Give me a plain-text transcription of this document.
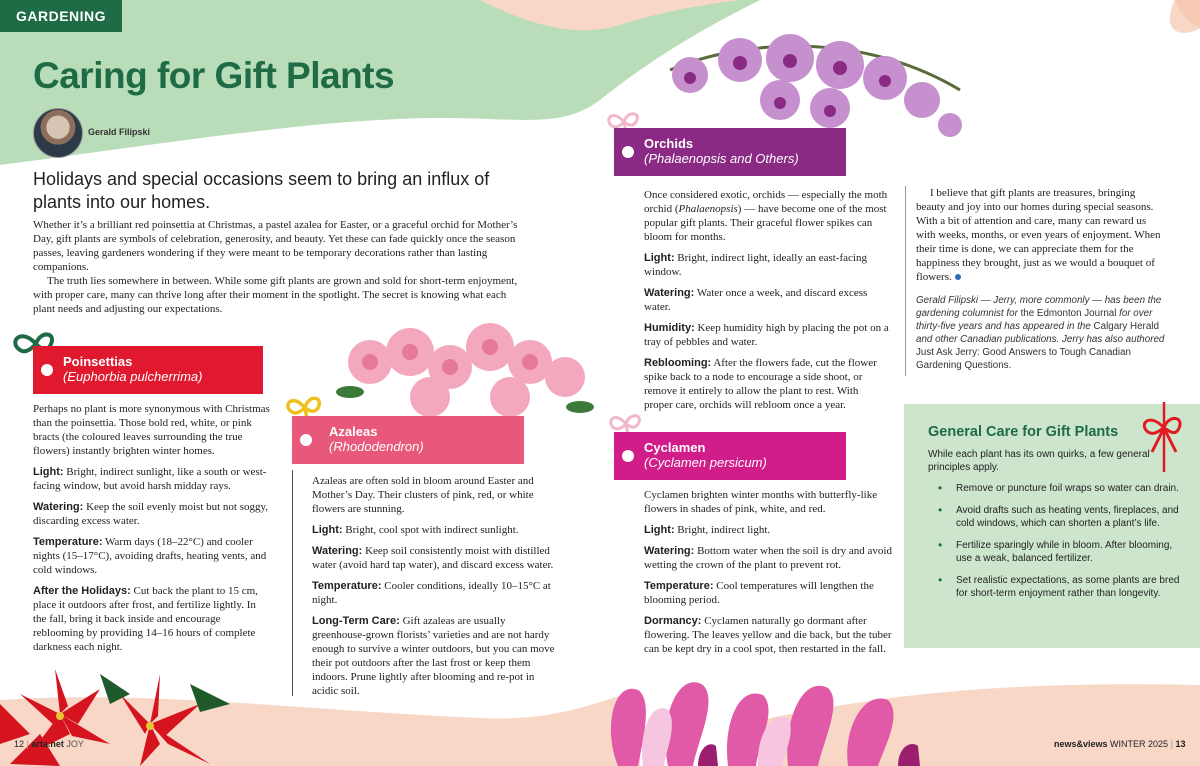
GARDENING
Caring for Gift Plants
Gerald Filipski
Holidays and special occasions seem to bring an influx of plants into our homes.

Whether it’s a brilliant red poinsettia at Christmas, a pastel azalea for Easter, or a graceful orchid for Mother’s Day, gift plants are symbols of celebration, generosity, and beauty. Yet these can fade quickly once the season passes, leaving gardeners wondering if they were meant to be temporary decorations rather than lasting companions.

The truth lies somewhere in between. While some gift plants are grown and sold for short-term enjoyment, with proper care, many can thrive long after their moment in the spotlight. The secret is knowing what each plant needs and adjusting our expectations.

Poinsettias
(Euphorbia pulcherrima)

Perhaps no plant is more synonymous with Christmas than the poinsettia. Those bold red, white, or pink bracts (the coloured leaves surrounding the true flowers) instantly brighten winter homes.

Light: Bright, indirect sunlight, like a south or west-facing window, but avoid harsh midday rays.

Watering: Keep the soil evenly moist but not soggy, discarding excess water.

Temperature: Warm days (18–22°C) and cooler nights (15–17°C), avoiding drafts, heating vents, and cold windows.

After the Holidays: Cut back the plant to 15 cm, place it outdoors after frost, and fertilize lightly. In the fall, bring it back inside and encourage reblooming by providing 14–16 hours of complete darkness each night.

Azaleas
(Rhododendron)

Azaleas are often sold in bloom around Easter and Mother’s Day. Their clusters of pink, red, or white flowers are stunning.

Light: Bright, cool spot with indirect sunlight.

Watering: Keep soil consistently moist with distilled water (avoid hard tap water), and discard excess water.

Temperature: Cooler conditions, ideally 10–15°C at night.

Long-Term Care: Gift azaleas are usually greenhouse-grown florists’ varieties and are not hardy enough to survive a winter outdoors, but you can move their pot outdoors after the last frost or keep them indoors. Prune lightly after blooming and re-pot in acidic soil.

Orchids
(Phalaenopsis and Others)

Once considered exotic, orchids — especially the moth orchid (Phalaenopsis) — have become one of the most popular gift plants. Their graceful flower spikes can bloom for months.

Light: Bright, indirect light, ideally an east-facing window.

Watering: Water once a week, and discard excess water.

Humidity: Keep humidity high by placing the pot on a tray of pebbles and water.

Reblooming: After the flowers fade, cut the flower spike back to a node to encourage a side shoot, or remove it entirely to allow the plant to rest. With proper care, orchids will rebloom once a year.

I believe that gift plants are treasures, bringing beauty and joy into our homes during special seasons. With a bit of attention and care, many can reward us with weeks, months, or even years of enjoyment. When their time is done, we can appreciate them for the happiness they brought, just as we would a bouquet of flowers.

Gerald Filipski — Jerry, more commonly — has been the gardening columnist for the Edmonton Journal for over thirty-five years and has appeared in the Calgary Herald and other Canadian publications. Jerry has also authored Just Ask Jerry: Good Answers to Tough Canadian Gardening Questions.

General Care for Gift Plants

While each plant has its own quirks, a few general principles apply.

• Remove or puncture foil wraps so water can drain.
• Avoid drafts such as heating vents, fireplaces, and cold windows, which can shorten a plant’s life.
• Fertilize sparingly while in bloom. After blooming, use a weak, balanced fertilizer.
• Set realistic expectations, as some plants are bred for short-term enjoyment rather than longevity.
Cyclamen
(Cyclamen persicum)

Cyclamen brighten winter months with butterfly-like flowers in shades of pink, white, and red.

Light: Bright, indirect light.

Watering: Bottom water when the soil is dry and avoid wetting the crown of the plant to prevent rot.

Temperature: Cool temperatures will lengthen the blooming period.

Dormancy: Cyclamen naturally go dormant after flowering. The leaves yellow and die back, but the tuber can be kept dry in a cool spot, then restarted in the fall.

12 | arta.net JOY	news&views WINTER 2025 | 13
